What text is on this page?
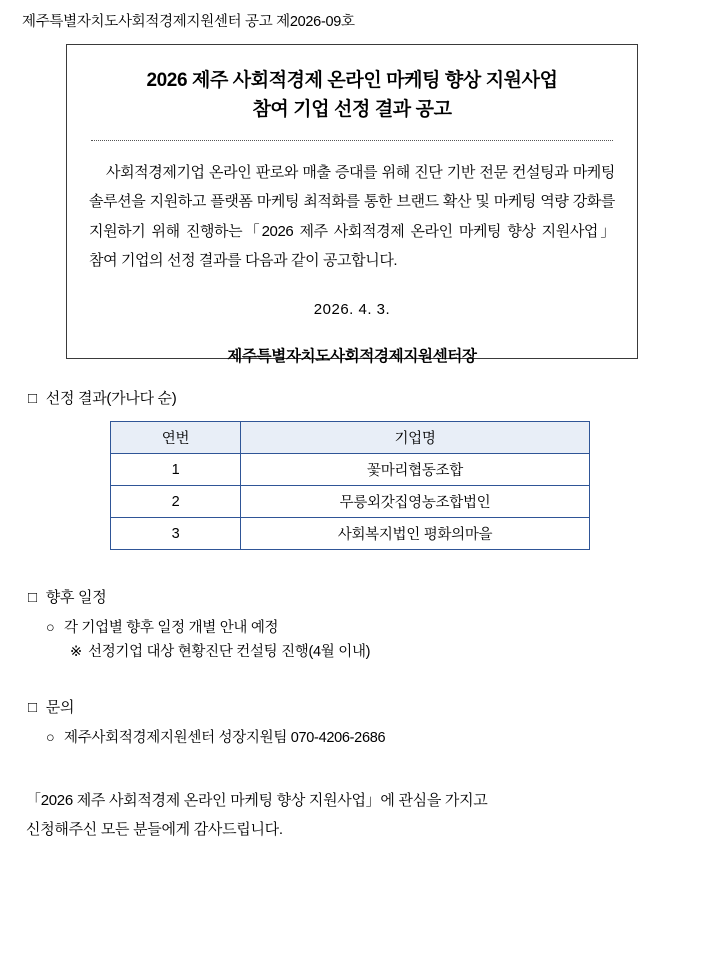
제주특별자치도사회적경제지원센터 공고 제2026-09호
2026 제주 사회적경제 온라인 마케팅 향상 지원사업
참여 기업 선정 결과 공고

사회적경제기업 온라인 판로와 매출 증대를 위해 진단 기반 전문 컨설팅과 마케팅 솔루션을 지원하고 플랫폼 마케팅 최적화를 통한 브랜드 확산 및 마케팅 역량 강화를 지원하기 위해 진행하는「2026 제주 사회적경제 온라인 마케팅 향상 지원사업」참여 기업의 선정 결과를 다음과 같이 공고합니다.

2026. 4. 3.
제주특별자치도사회적경제지원센터장
□ 선정 결과(가나다 순)
연번	기업명
1	꽃마리협동조합
2	무릉외갓집영농조합법인
3	사회복지법인 평화의마을
□ 향후 일정
○ 각 기업별 향후 일정 개별 안내 예정
※ 선정기업 대상 현황진단 컨설팅 진행(4월 이내)
□ 문의
○ 제주사회적경제지원센터 성장지원팀 070-4206-2686
「2026 제주 사회적경제 온라인 마케팅 향상 지원사업」에 관심을 가지고
신청해주신 모든 분들에게 감사드립니다.
